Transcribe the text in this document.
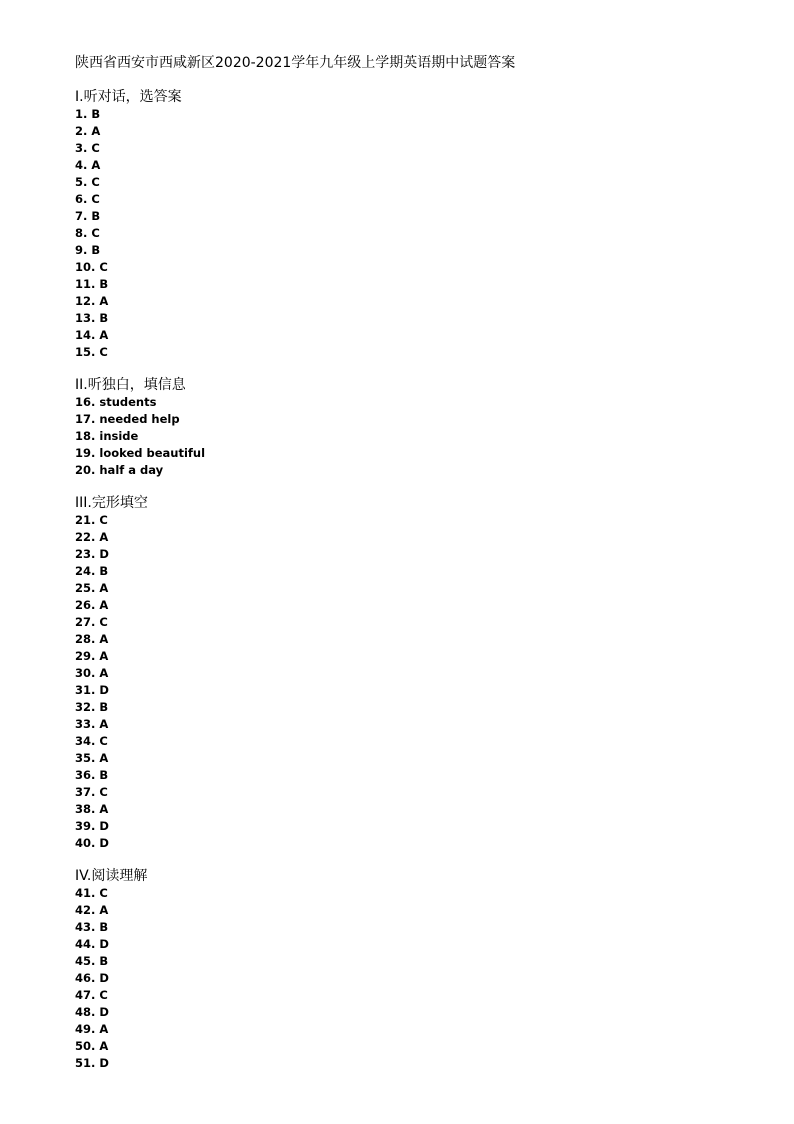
陕西省西安市西咸新区2020-2021学年九年级上学期英语期中试题答案
I.听对话，选答案
1. B
2. A
3. C
4. A
5. C
6. C
7. B
8. C
9. B
10. C
11. B
12. A
13. B
14. A
15. C
II.听独白，填信息
16. students
17. needed help
18. inside
19. looked beautiful
20. half a day
III.完形填空
21. C
22. A
23. D
24. B
25. A
26. A
27. C
28. A
29. A
30. A
31. D
32. B
33. A
34. C
35. A
36. B
37. C
38. A
39. D
40. D
IV.阅读理解
41. C
42. A
43. B
44. D
45. B
46. D
47. C
48. D
49. A
50. A
51. D
